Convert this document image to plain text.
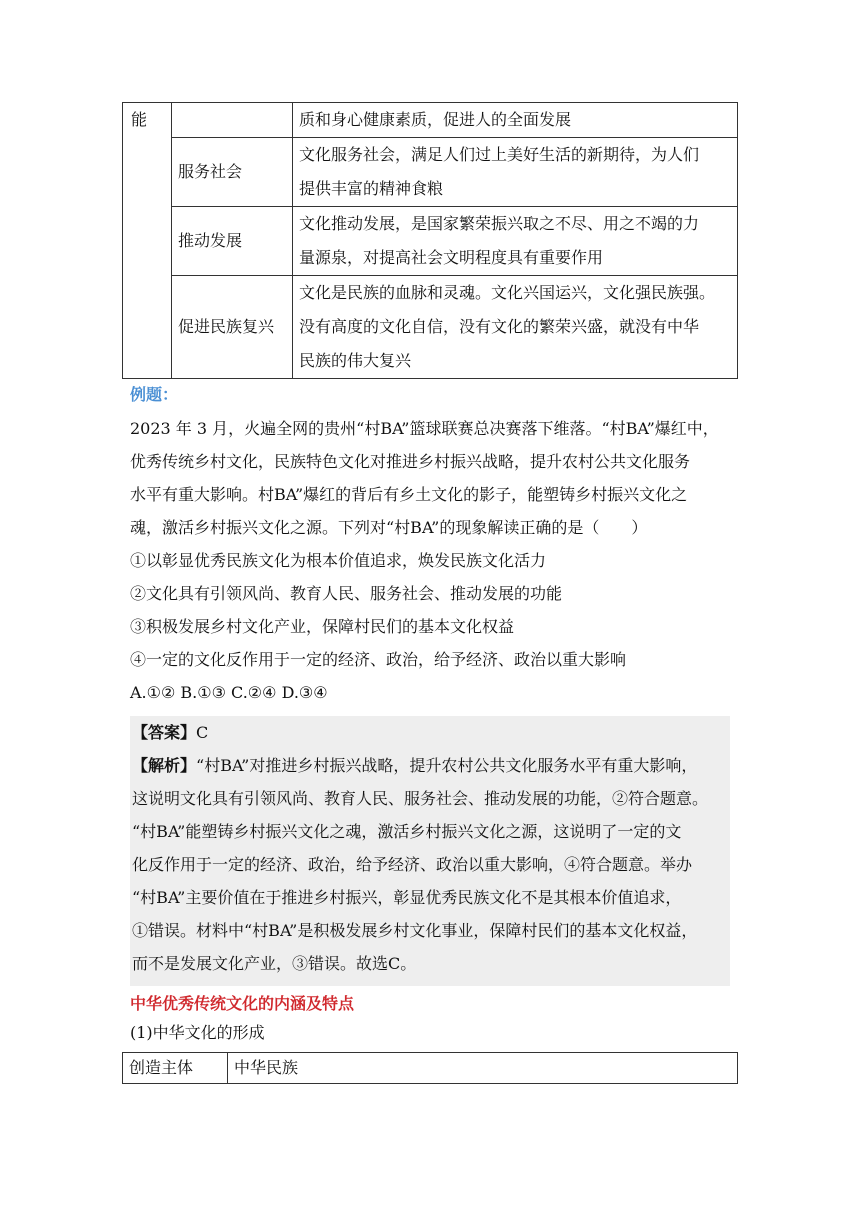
能		质和身心健康素质，促进人的全面发展

	服务社会	文化服务社会，满足人们过上美好生活的新期待，为人们
提供丰富的精神食粮

	推动发展	文化推动发展，是国家繁荣振兴取之不尽、用之不竭的力
量源泉，对提高社会文明程度具有重要作用

	促进民族复兴	文化是民族的血脉和灵魂。文化兴国运兴，文化强民族强。
没有高度的文化自信，没有文化的繁荣兴盛，就没有中华
民族的伟大复兴
例题：

2023 年 3 月，火遍全网的贵州“村BA”篮球联赛总决赛落下维落。“村BA”爆红中，

优秀传统乡村文化，民族特色文化对推进乡村振兴战略，提升农村公共文化服务

水平有重大影响。村BA”爆红的背后有乡土文化的影子，能塑铸乡村振兴文化之

魂，激活乡村振兴文化之源。下列对“村BA”的现象解读正确的是（　　）

①以彰显优秀民族文化为根本价值追求，焕发民族文化活力

②文化具有引领风尚、教育人民、服务社会、推动发展的功能

③积极发展乡村文化产业，保障村民们的基本文化权益

④一定的文化反作用于一定的经济、政治，给予经济、政治以重大影响

A.①② B.①③ C.②④ D.③④

【答案】C

【解析】“村BA”对推进乡村振兴战略，提升农村公共文化服务水平有重大影响，

这说明文化具有引领风尚、教育人民、服务社会、推动发展的功能，②符合题意。

“村BA”能塑铸乡村振兴文化之魂，激活乡村振兴文化之源，这说明了一定的文

化反作用于一定的经济、政治，给予经济、政治以重大影响，④符合题意。举办

“村BA”主要价值在于推进乡村振兴，彰显优秀民族文化不是其根本价值追求，

①错误。材料中“村BA”是积极发展乡村文化事业，保障村民们的基本文化权益，

而不是发展文化产业，③错误。故选C。

中华优秀传统文化的内涵及特点
(1)中华文化的形成
创造主体	中华民族
